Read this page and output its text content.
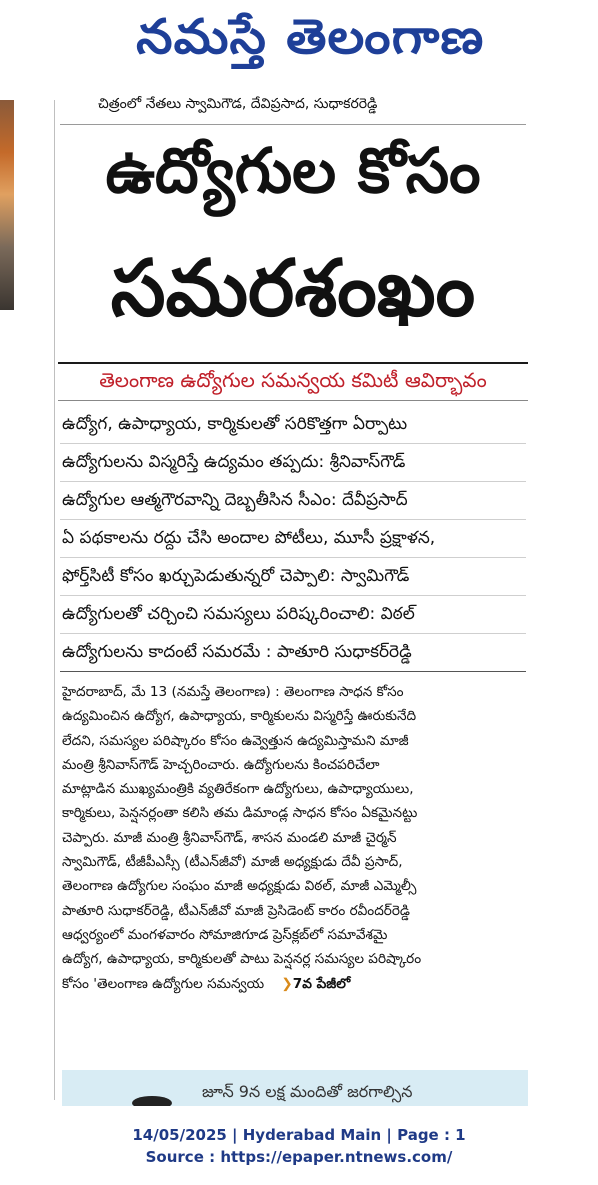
నమస్తే తెలంగాణ
చిత్రంలో నేతలు స్వామిగౌడ, దేవిప్రసాద, సుధాకరరెడ్డి
ఉద్యోగుల కోసం
సమరశంఖం
తెలంగాణ ఉద్యోగుల సమన్వయ కమిటీ ఆవిర్భావం
ఉద్యోగ, ఉపాధ్యాయ, కార్మికులతో సరికొత్తగా ఏర్పాటు
ఉద్యోగులను విస్మరిస్తే ఉద్యమం తప్పదు: శ్రీనివాస్‌గౌడ్
ఉద్యోగుల ఆత్మగౌరవాన్ని దెబ్బతీసిన సీఎం: దేవీప్రసాద్
ఏ పథకాలను రద్దు చేసి అందాల పోటీలు, మూసీ ప్రక్షాళన,
ఫోర్త్‌సిటీ కోసం ఖర్చుపెడుతున్నరో చెప్పాలి: స్వామిగౌడ్
ఉద్యోగులతో చర్చించి సమస్యలు పరిష్కరించాలి: విఠల్
ఉద్యోగులను కాదంటే సమరమే : పాతూరి సుధాకర్‌రెడ్డి
హైదరాబాద్, మే 13 (నమస్తే తెలంగాణ) : తెలంగాణ సాధన కోసం
ఉద్యమించిన ఉద్యోగ, ఉపాధ్యాయ, కార్మికులను విస్మరిస్తే ఊరుకునేది
లేదని, సమస్యల పరిష్కారం కోసం ఉవ్వెత్తున ఉద్యమిస్తామని మాజీ
మంత్రి శ్రీనివాస్‌గౌడ్ హెచ్చరించారు. ఉద్యోగులను కించపరిచేలా
మాట్లాడిన ముఖ్యమంత్రికి వ్యతిరేకంగా ఉద్యోగులు, ఉపాధ్యాయులు,
కార్మికులు, పెన్షనర్లంతా కలిసి తమ డిమాండ్ల సాధన కోసం ఏకమైనట్టు
చెప్పారు. మాజీ మంత్రి శ్రీనివాస్‌గౌడ్, శాసన మండలి మాజీ చైర్మన్
స్వామిగౌడ్, టీజీపీఎస్సీ (టీఎన్‌జీవో) మాజీ అధ్యక్షుడు దేవీ ప్రసాద్,
తెలంగాణ ఉద్యోగుల సంఘం మాజీ అధ్యక్షుడు విఠల్, మాజీ ఎమ్మెల్సీ
పాతూరి సుధాకర్‌రెడ్డి, టీఎన్‌జీవో మాజీ ప్రెసిడెంట్ కారం రవీందర్‌రెడ్డి
ఆధ్వర్యంలో మంగళవారం సోమాజిగూడ ప్రెస్‌క్లబ్‌లో సమావేశమై
ఉద్యోగ, ఉపాధ్యాయ, కార్మికులతో పాటు పెన్షనర్ల సమస్యల పరిష్కారం
కోసం 'తెలంగాణ ఉద్యోగుల సమన్వయ ❯7వ పేజీలో
జూన్ 9న లక్ష మందితో జరగాల్సిన
14/05/2025 | Hyderabad Main | Page : 1
Source : https://epaper.ntnews.com/
